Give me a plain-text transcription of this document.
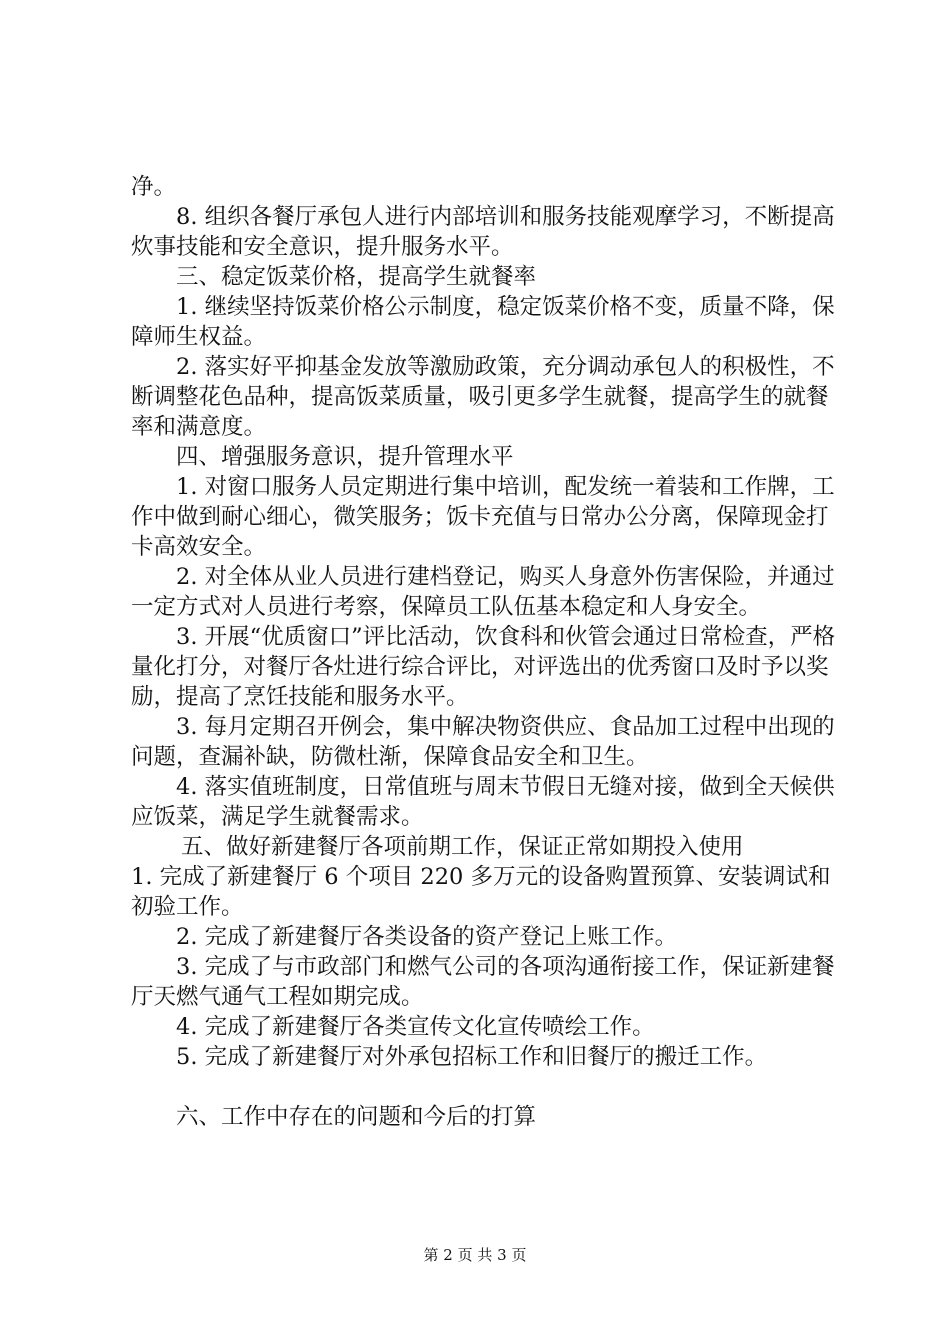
净。

8. 组织各餐厅承包人进行内部培训和服务技能观摩学习，不断提高炊事技能和安全意识，提升服务水平。

三、稳定饭菜价格，提高学生就餐率

1. 继续坚持饭菜价格公示制度，稳定饭菜价格不变，质量不降，保障师生权益。

2. 落实好平抑基金发放等激励政策，充分调动承包人的积极性，不断调整花色品种，提高饭菜质量，吸引更多学生就餐，提高学生的就餐率和满意度。

四、增强服务意识，提升管理水平

1. 对窗口服务人员定期进行集中培训，配发统一着装和工作牌，工作中做到耐心细心，微笑服务；饭卡充值与日常办公分离，保障现金打卡高效安全。

2. 对全体从业人员进行建档登记，购买人身意外伤害保险，并通过一定方式对人员进行考察，保障员工队伍基本稳定和人身安全。

3. 开展“优质窗口”评比活动，饮食科和伙管会通过日常检查，严格量化打分，对餐厅各灶进行综合评比，对评选出的优秀窗口及时予以奖励，提高了烹饪技能和服务水平。

3. 每月定期召开例会，集中解决物资供应、食品加工过程中出现的问题，查漏补缺，防微杜渐，保障食品安全和卫生。

4. 落实值班制度，日常值班与周末节假日无缝对接，做到全天候供应饭菜，满足学生就餐需求。

五、做好新建餐厅各项前期工作，保证正常如期投入使用

1. 完成了新建餐厅 6 个项目 220 多万元的设备购置预算、安装调试和初验工作。

2. 完成了新建餐厅各类设备的资产登记上账工作。

3. 完成了与市政部门和燃气公司的各项沟通衔接工作，保证新建餐厅天燃气通气工程如期完成。

4. 完成了新建餐厅各类宣传文化宣传喷绘工作。

5. 完成了新建餐厅对外承包招标工作和旧餐厅的搬迁工作。

六、工作中存在的问题和今后的打算

第 2 页 共 3 页
